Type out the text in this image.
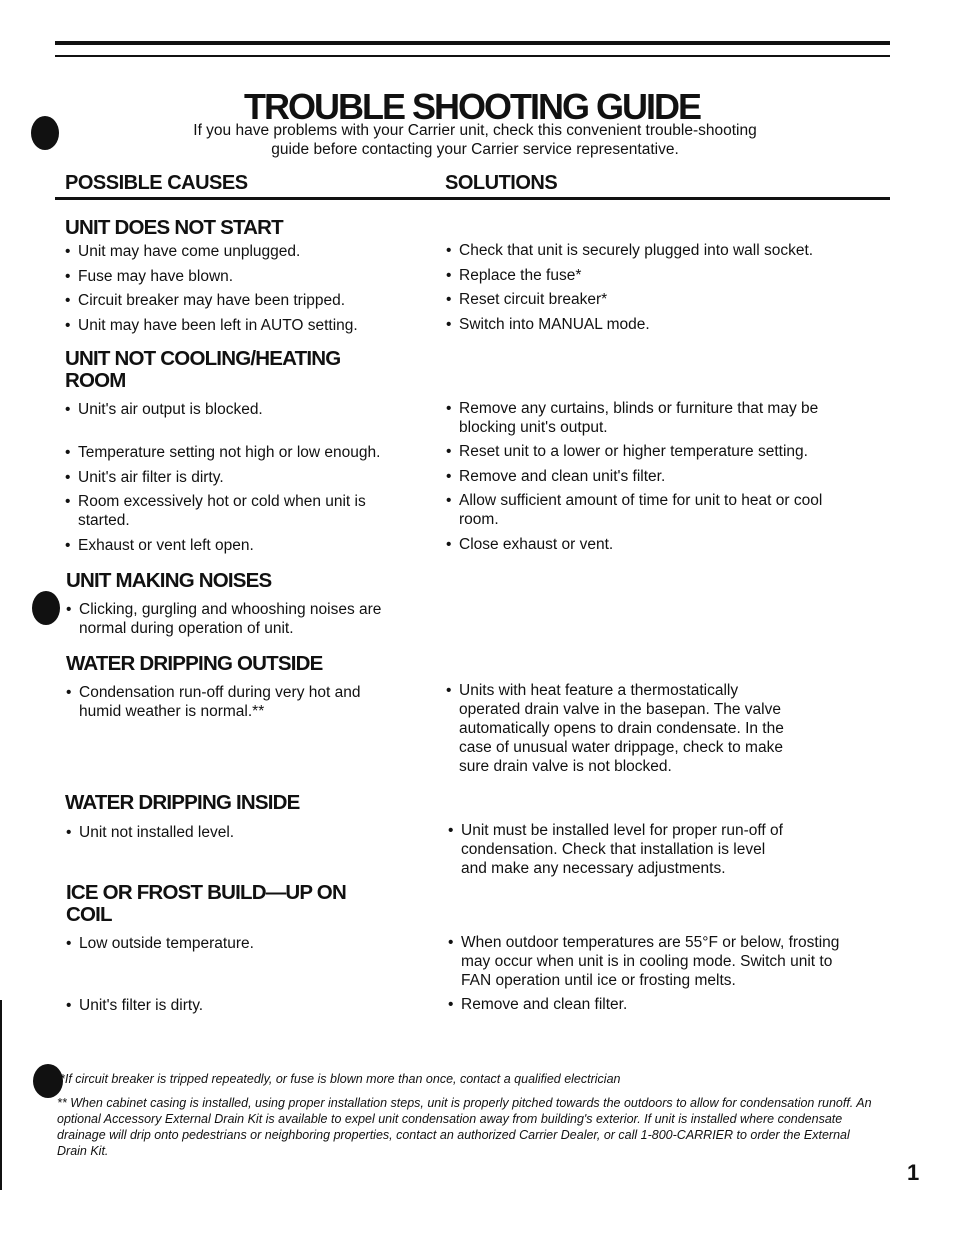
TROUBLE SHOOTING GUIDE
If you have problems with your Carrier unit, check this convenient trouble-shooting guide before contacting your Carrier service representative.
POSSIBLE CAUSES	SOLUTIONS
UNIT DOES NOT START
• Unit may have come unplugged.
• Fuse may have blown.
• Circuit breaker may have been tripped.
• Unit may have been left in AUTO setting.
• Check that unit is securely plugged into wall socket.
• Replace the fuse*
• Reset circuit breaker*
• Switch into MANUAL mode.
UNIT NOT COOLING/HEATING ROOM
• Unit's air output is blocked.
• Temperature setting not high or low enough.
• Unit's air filter is dirty.
• Room excessively hot or cold when unit is started.
• Exhaust or vent left open.
• Remove any curtains, blinds or furniture that may be blocking unit's output.
• Reset unit to a lower or higher temperature setting.
• Remove and clean unit's filter.
• Allow sufficient amount of time for unit to heat or cool room.
• Close exhaust or vent.
UNIT MAKING NOISES
• Clicking, gurgling and whooshing noises are normal during operation of unit.
WATER DRIPPING OUTSIDE
• Condensation run-off during very hot and humid weather is normal.**
• Units with heat feature a thermostatically operated drain valve in the basepan. The valve automatically opens to drain condensate. In the case of unusual water drippage, check to make sure drain valve is not blocked.
WATER DRIPPING INSIDE
• Unit not installed level.
•	Unit must be installed level for proper run-off of condensation. Check that installation is level and make any necessary adjustments.
ICE OR FROST BUILD—UP ON COIL
• Low outside temperature.
• Unit's filter is dirty.
• When outdoor temperatures are 55°F or below, frosting may occur when unit is in cooling mode. Switch unit to FAN operation until ice or frosting melts.
• Remove and clean filter.
*If circuit breaker is tripped repeatedly, or fuse is blown more than once, contact a qualified electrician
** When cabinet casing is installed, using proper installation steps, unit is properly pitched towards the outdoors to allow for condensation runoff. An optional Accessory External Drain Kit is available to expel unit condensation away from building's exterior. If unit is installed where condensate drainage will drip onto pedestrians or neighboring properties, contact an authorized Carrier Dealer, or call 1-800-CARRIER to order the External Drain Kit.
1
